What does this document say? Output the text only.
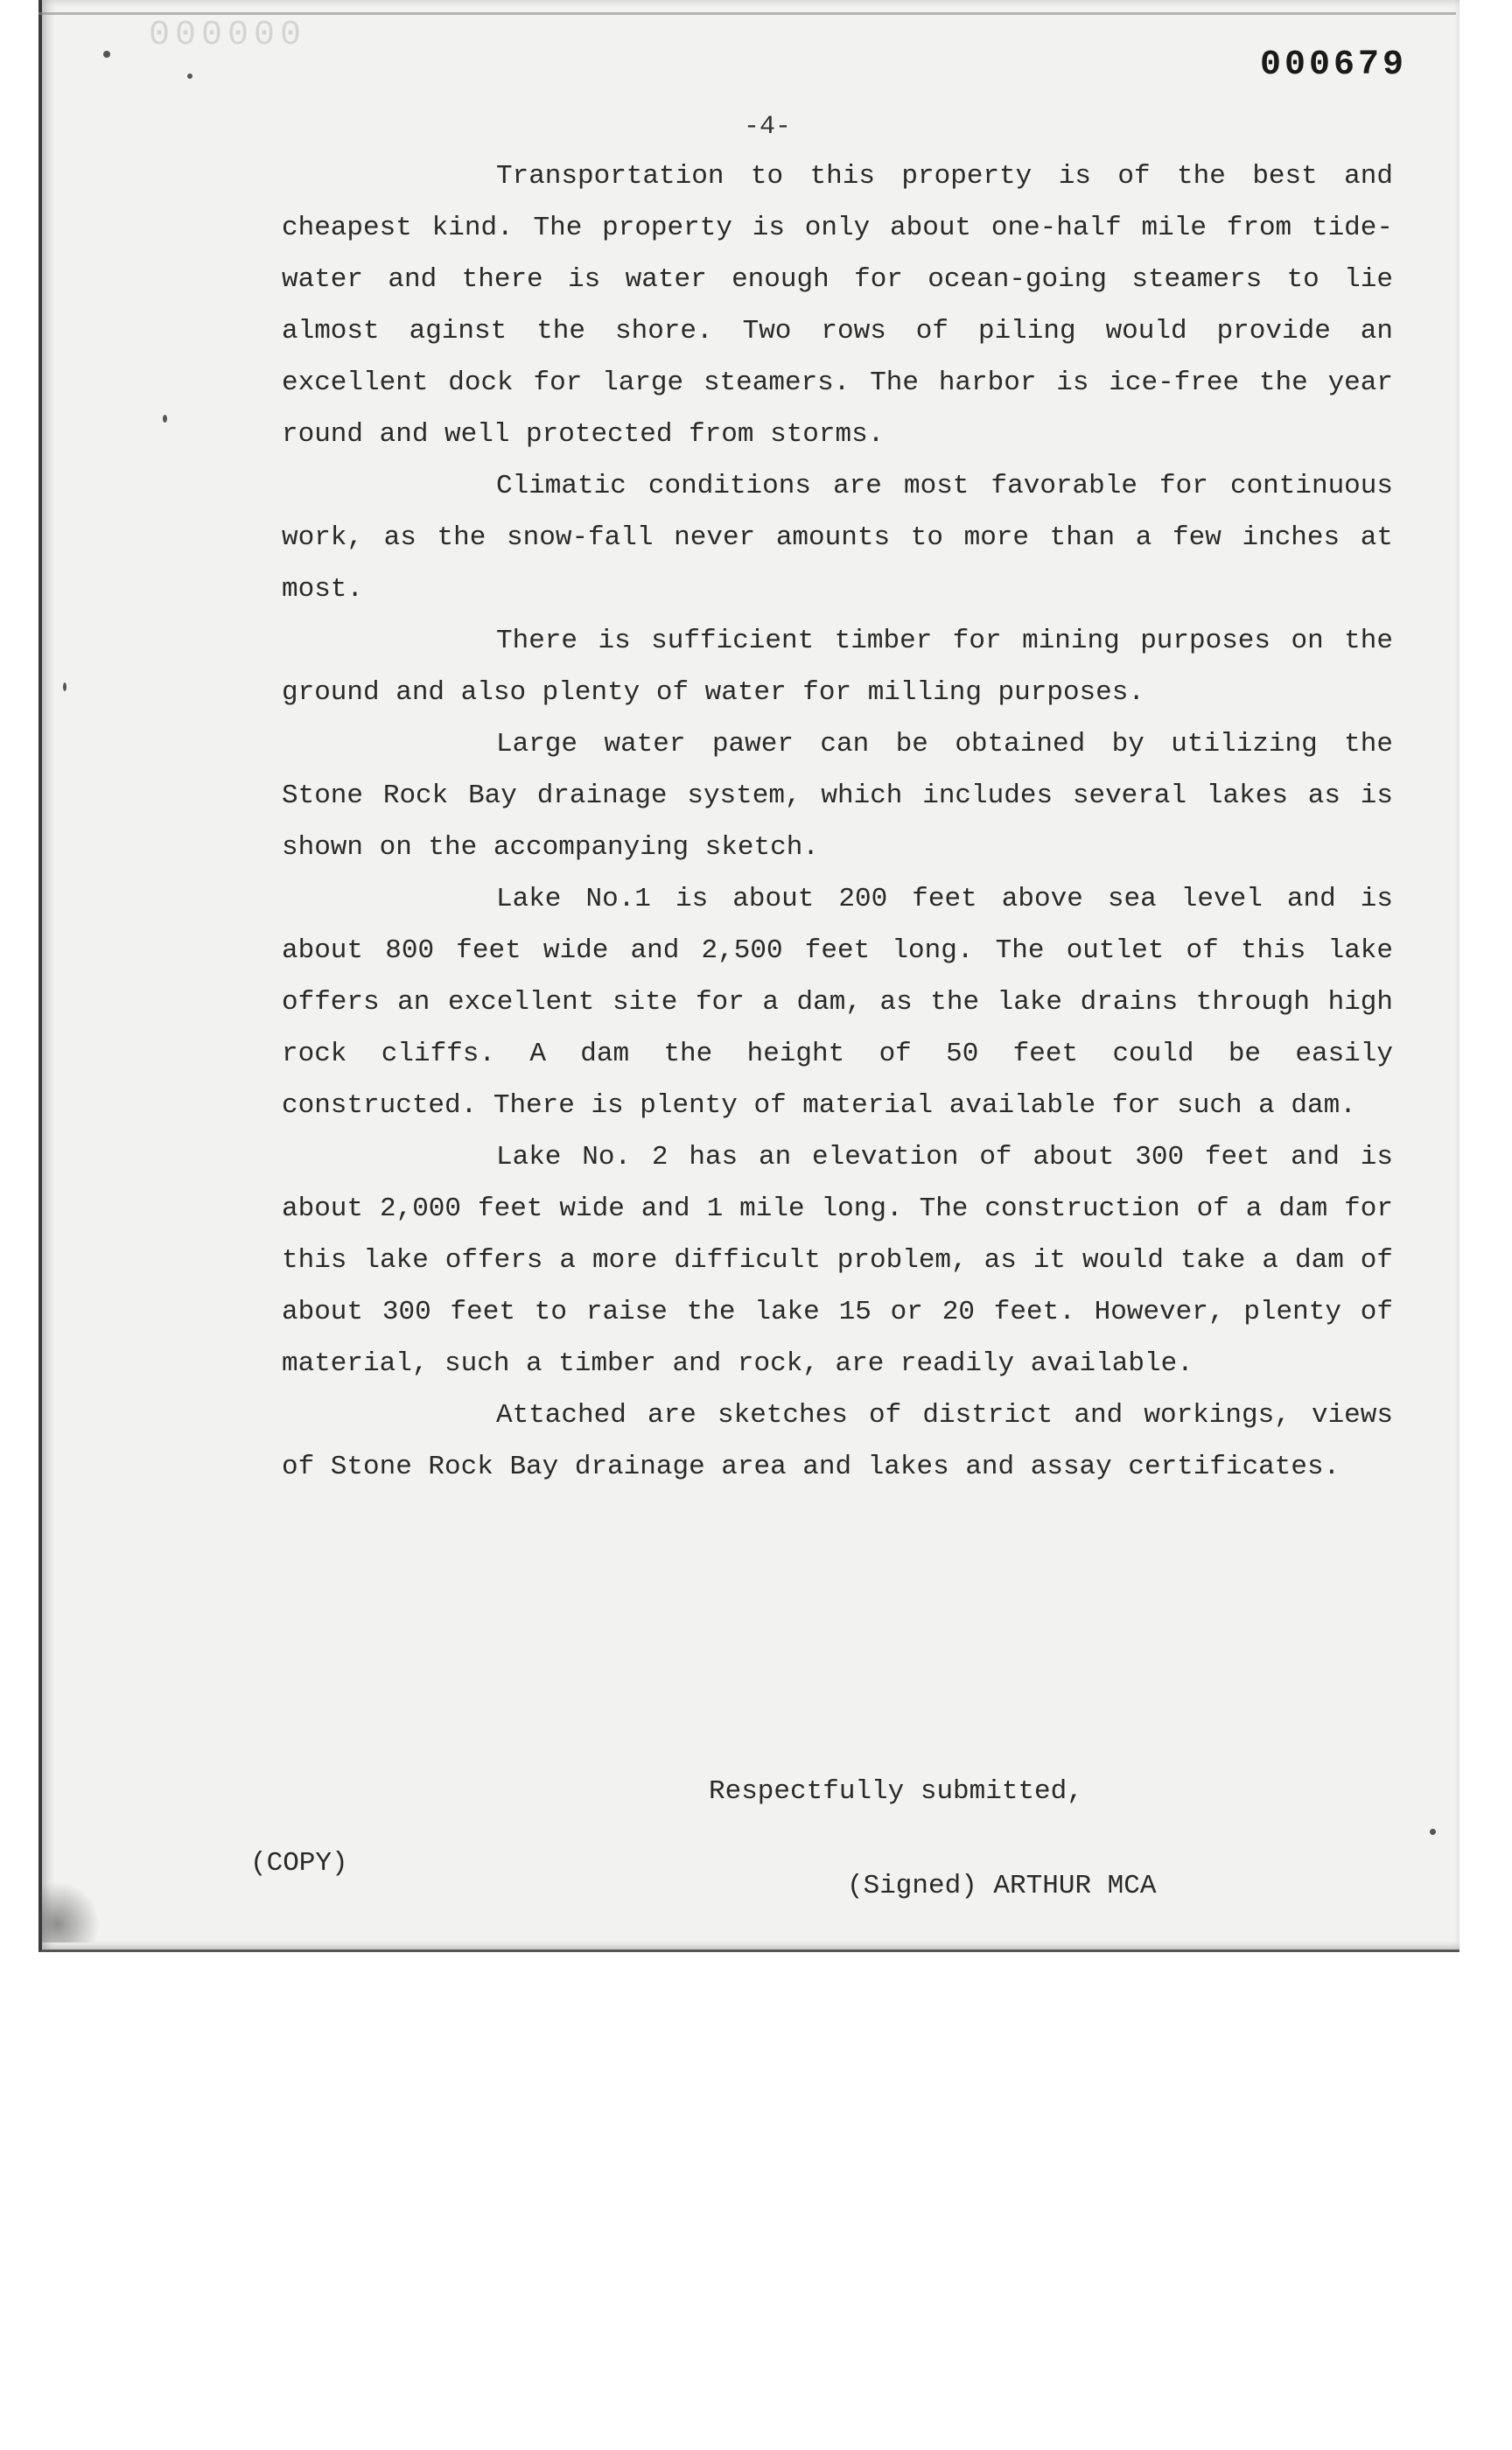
000000
000679
-4-

Transportation to this property is of the best and cheapest kind. The property is only about one-half mile from tide-water and there is water enough for ocean-going steamers to lie almost aginst the shore. Two rows of piling would provide an excellent dock for large steamers. The harbor is ice-free the year round and well protected from storms.

Climatic conditions are most favorable for continuous work, as the snow-fall never amounts to more than a few inches at most.

There is sufficient timber for mining purposes on the ground and also plenty of water for milling purposes.

Large water pawer can be obtained by utilizing the Stone Rock Bay drainage system, which includes several lakes as is shown on the accompanying sketch.

Lake No.1 is about 200 feet above sea level and is about 800 feet wide and 2,500 feet long. The outlet of this lake offers an excellent site for a dam, as the lake drains through high rock cliffs. A dam the height of 50 feet could be easily constructed. There is plenty of material available for such a dam.

Lake No. 2 has an elevation of about 300 feet and is about 2,000 feet wide and 1 mile long. The construction of a dam for this lake offers a more difficult problem, as it would take a dam of about 300 feet to raise the lake 15 or 20 feet. However, plenty of material, such a timber and rock, are readily available.

Attached are sketches of district and workings, views of Stone Rock Bay drainage area and lakes and assay certificates.

Respectfully submitted,
(COPY)
(Signed) ARTHUR MCA
